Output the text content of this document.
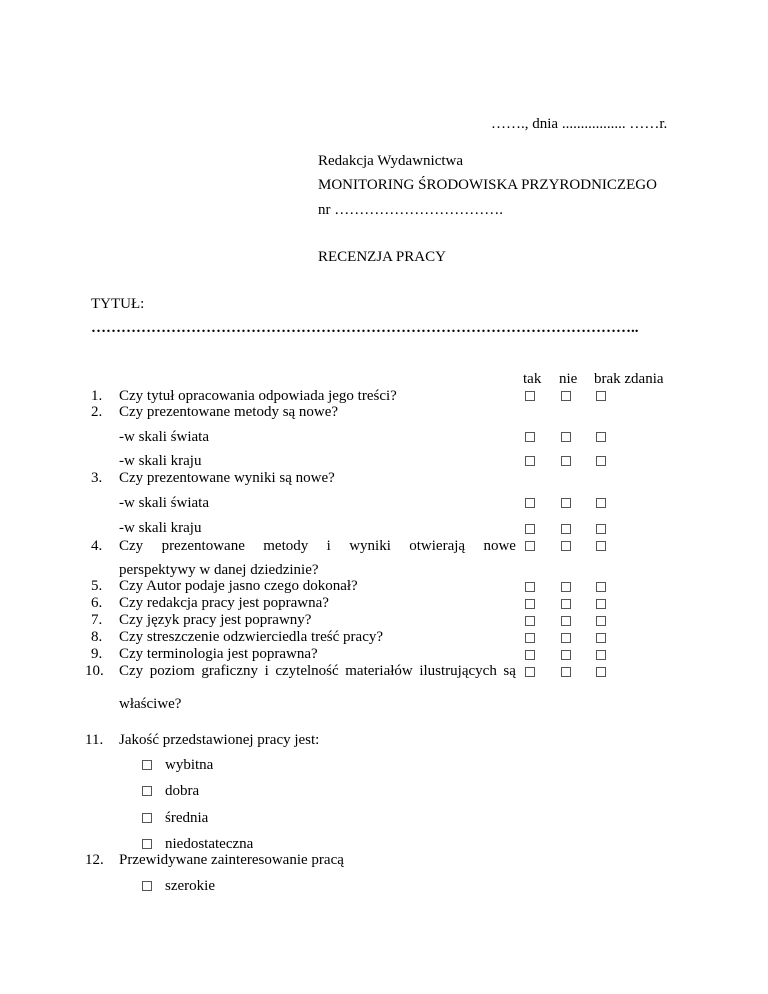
……., dnia ................. ……r.
Redakcja Wydawnictwa
MONITORING ŚRODOWISKA PRZYRODNICZEGO
nr …………………………….
RECENZJA PRACY
TYTUŁ:
………………………………………………………………………………………………..
tak nie brak zdania
1. Czy tytuł opracowania odpowiada jego treści?
2. Czy prezentowane metody są nowe?
-w skali świata
-w skali kraju
3. Czy prezentowane wyniki są nowe?
-w skali świata
-w skali kraju
4. Czy prezentowane metody i wyniki otwierają nowe
perspektywy w danej dziedzinie?
5. Czy Autor podaje jasno czego dokonał?
6. Czy redakcja pracy jest poprawna?
7. Czy język pracy jest poprawny?
8. Czy streszczenie odzwierciedla treść pracy?
9. Czy terminologia jest poprawna?
10. Czy poziom graficzny i czytelność materiałów ilustrujących są
właściwe?
11. Jakość przedstawionej pracy jest:
wybitna
dobra
średnia
niedostateczna
12. Przewidywane zainteresowanie pracą
szerokie
